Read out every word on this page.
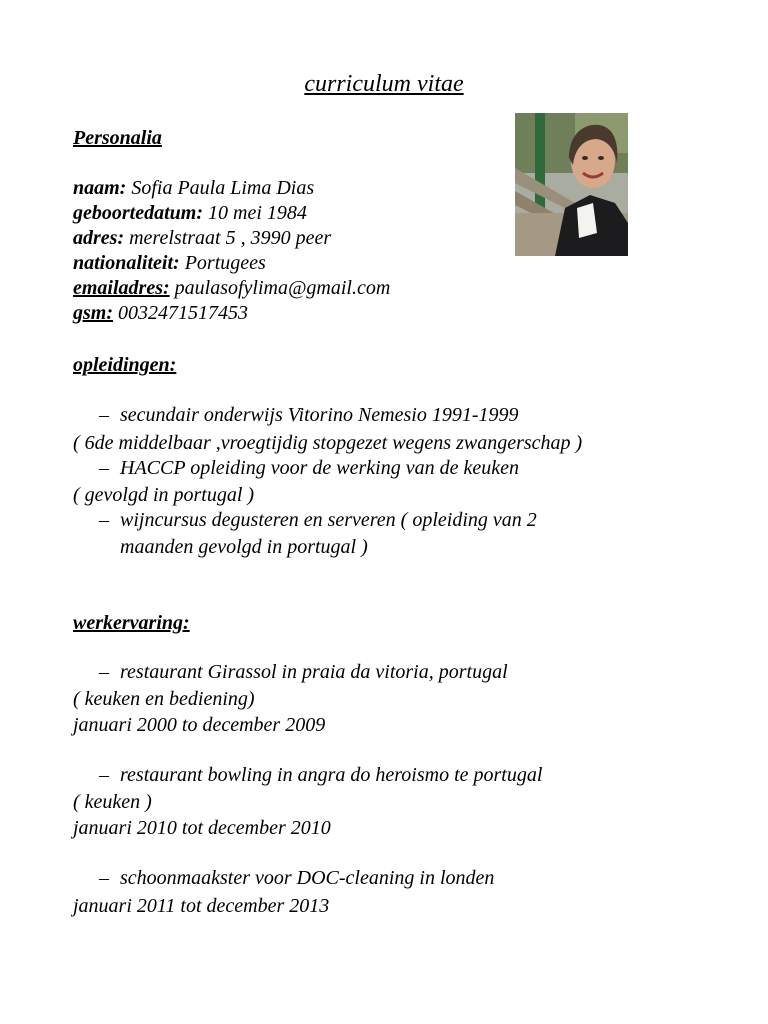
curriculum vitae
Personalia
naam: Sofia Paula Lima Dias
geboortedatum: 10 mei 1984
adres: merelstraat 5 , 3990 peer
nationaliteit: Portugees
emailadres: paulasofylima@gmail.com
gsm: 0032471517453
opleidingen:
– secundair onderwijs Vitorino Nemesio 1991-1999
( 6de middelbaar ,vroegtijdig stopgezet wegens zwangerschap )
– HACCP opleiding voor de werking van de keuken
( gevolgd in portugal )
– wijncursus degusteren en serveren ( opleiding van 2
maanden gevolgd in portugal )
werkervaring:
– restaurant Girassol in praia da vitoria, portugal
( keuken en bediening)
januari 2000 to december 2009
– restaurant bowling in angra do heroismo te portugal
( keuken )
januari 2010 tot december 2010
– schoonmaakster voor DOC-cleaning in londen
januari 2011 tot december 2013
